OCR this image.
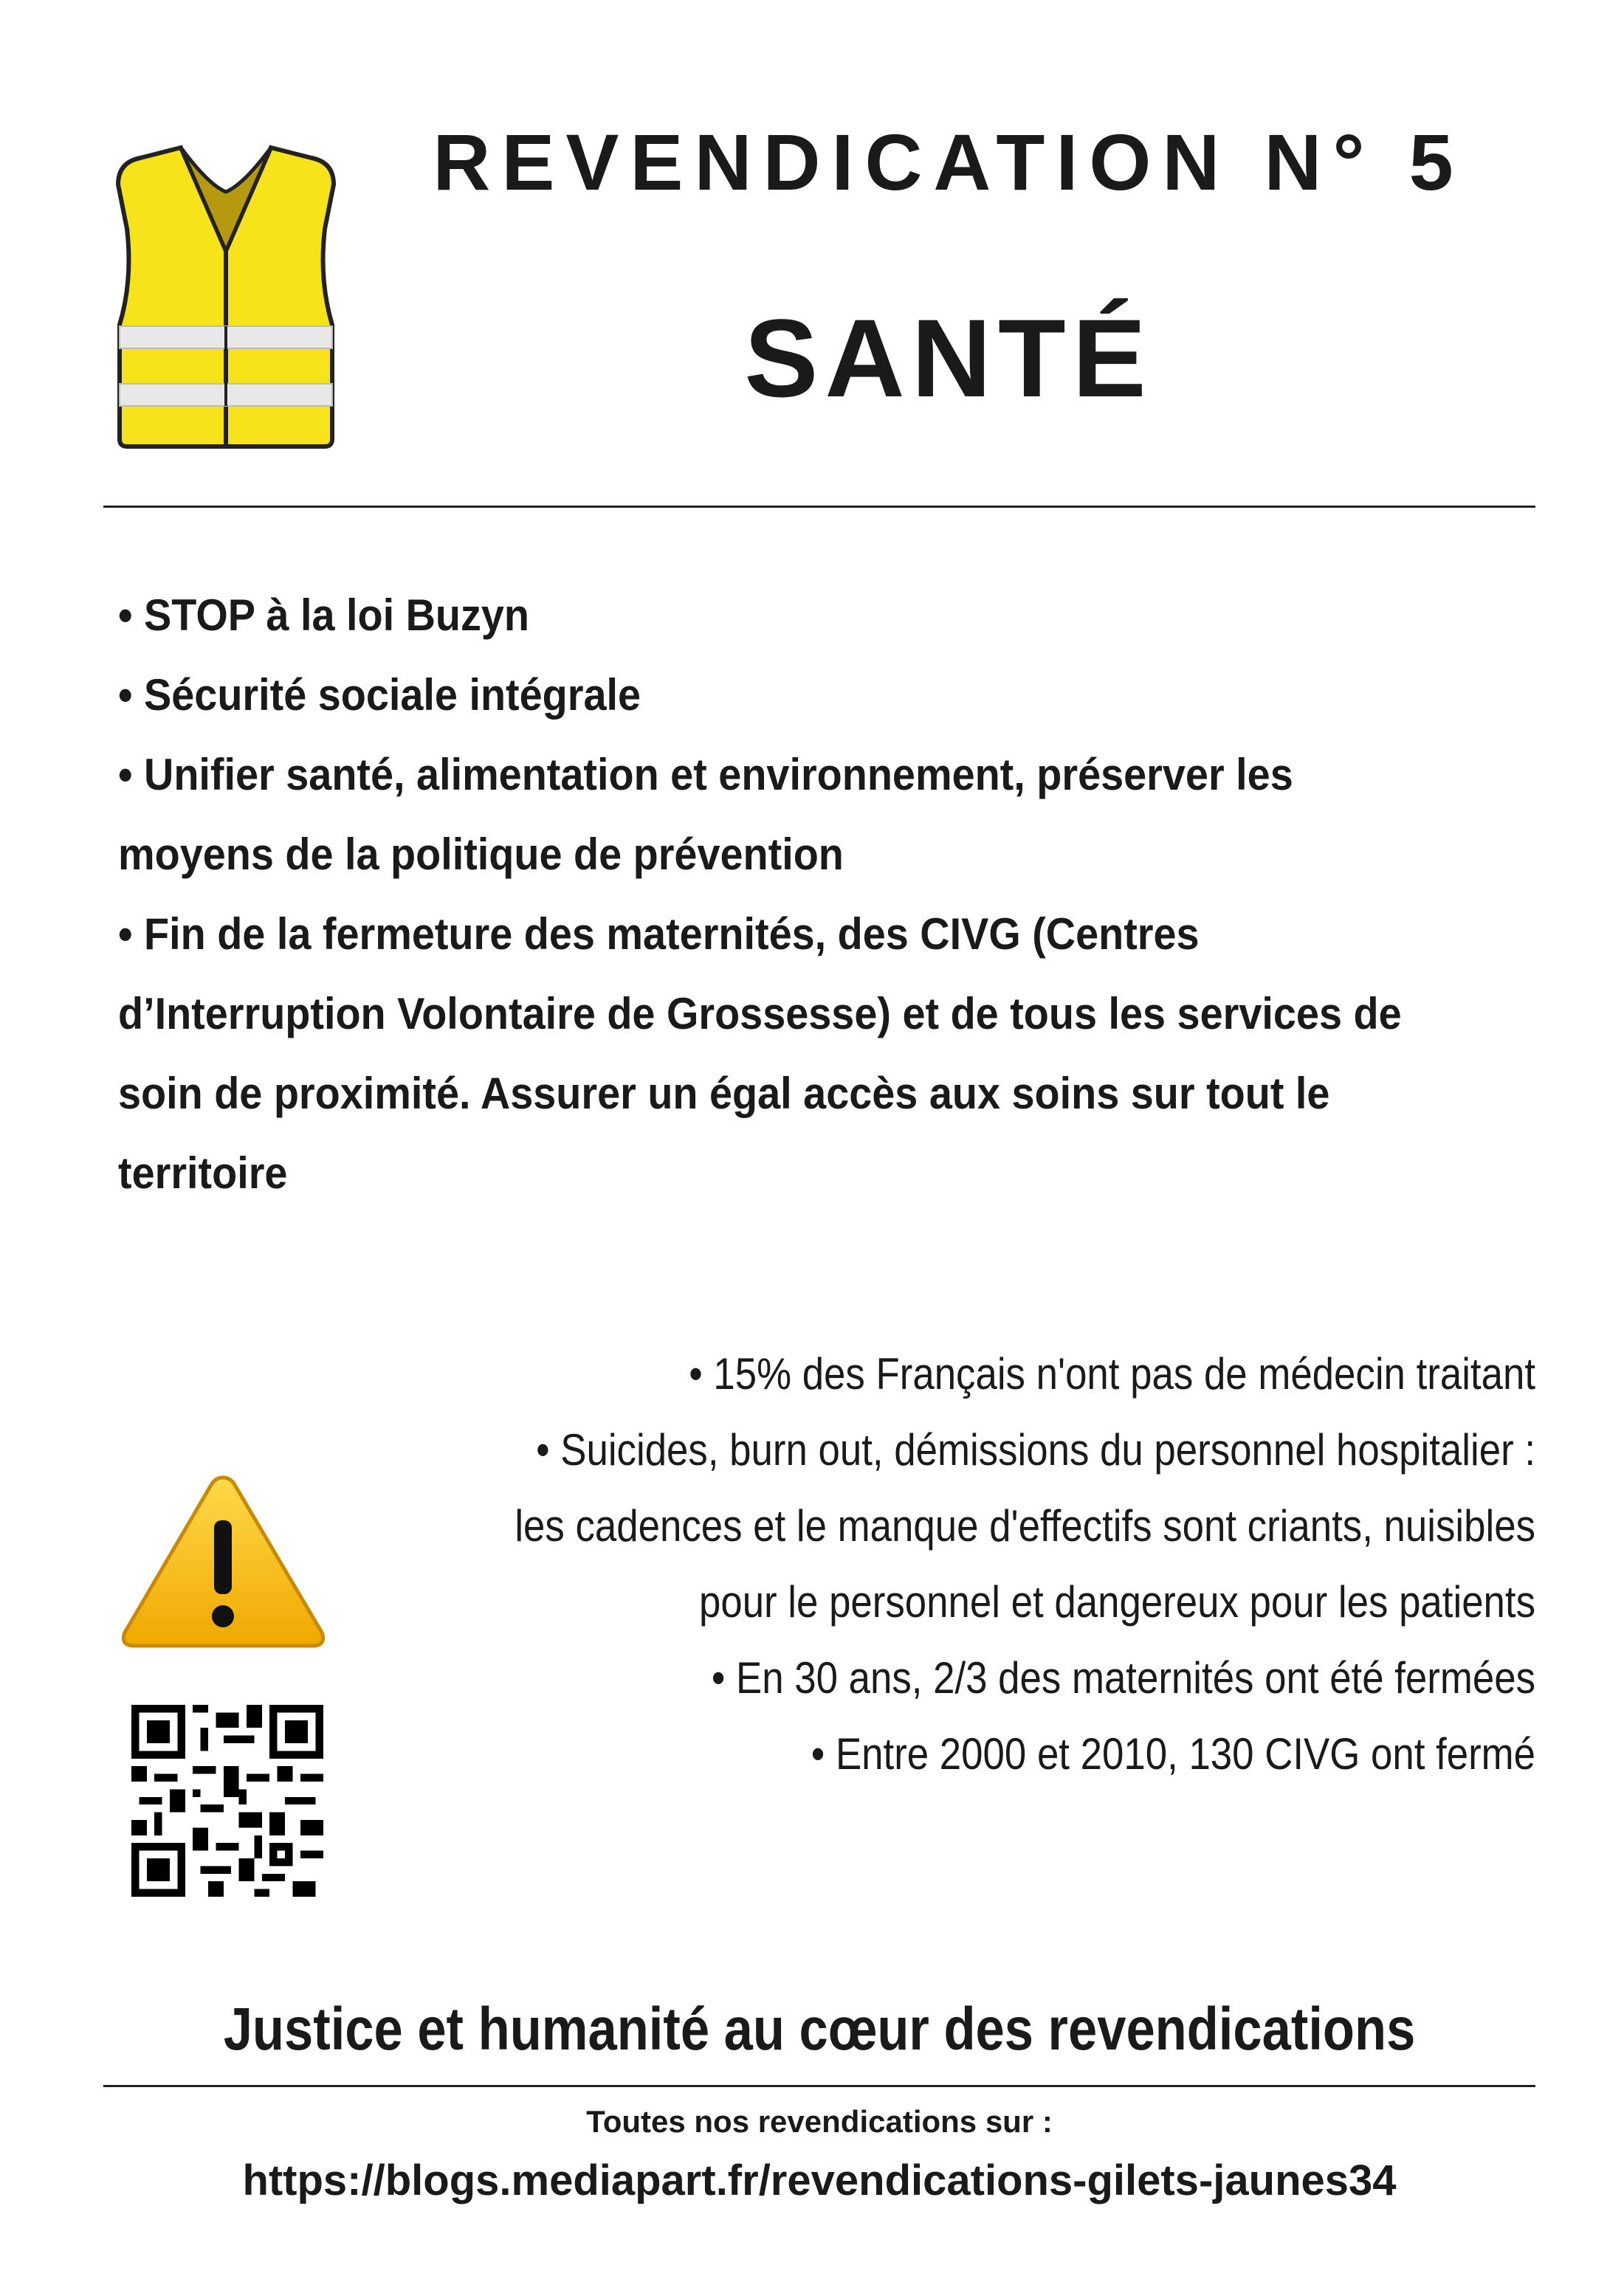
REVENDICATION N° 5
SANTÉ

• STOP à la loi Buzyn

• Sécurité sociale intégrale

• Unifier santé, alimentation et environnement, préserver les moyens de la politique de prévention

• Fin de la fermeture des maternités, des CIVG (Centres d’Interruption Volontaire de Grossesse) et de tous les services de soin de proximité. Assurer un égal accès aux soins sur tout le territoire

• 15% des Français n'ont pas de médecin traitant

• Suicides, burn out, démissions du personnel hospitalier :

les cadences et le manque d'effectifs sont criants, nuisibles

pour le personnel et dangereux pour les patients

• En 30 ans, 2/3 des maternités ont été fermées

• Entre 2000 et 2010, 130 CIVG ont fermé

Justice et humanité au cœur des revendications
Toutes nos revendications sur :
https://blogs.mediapart.fr/revendications-gilets-jaunes34
